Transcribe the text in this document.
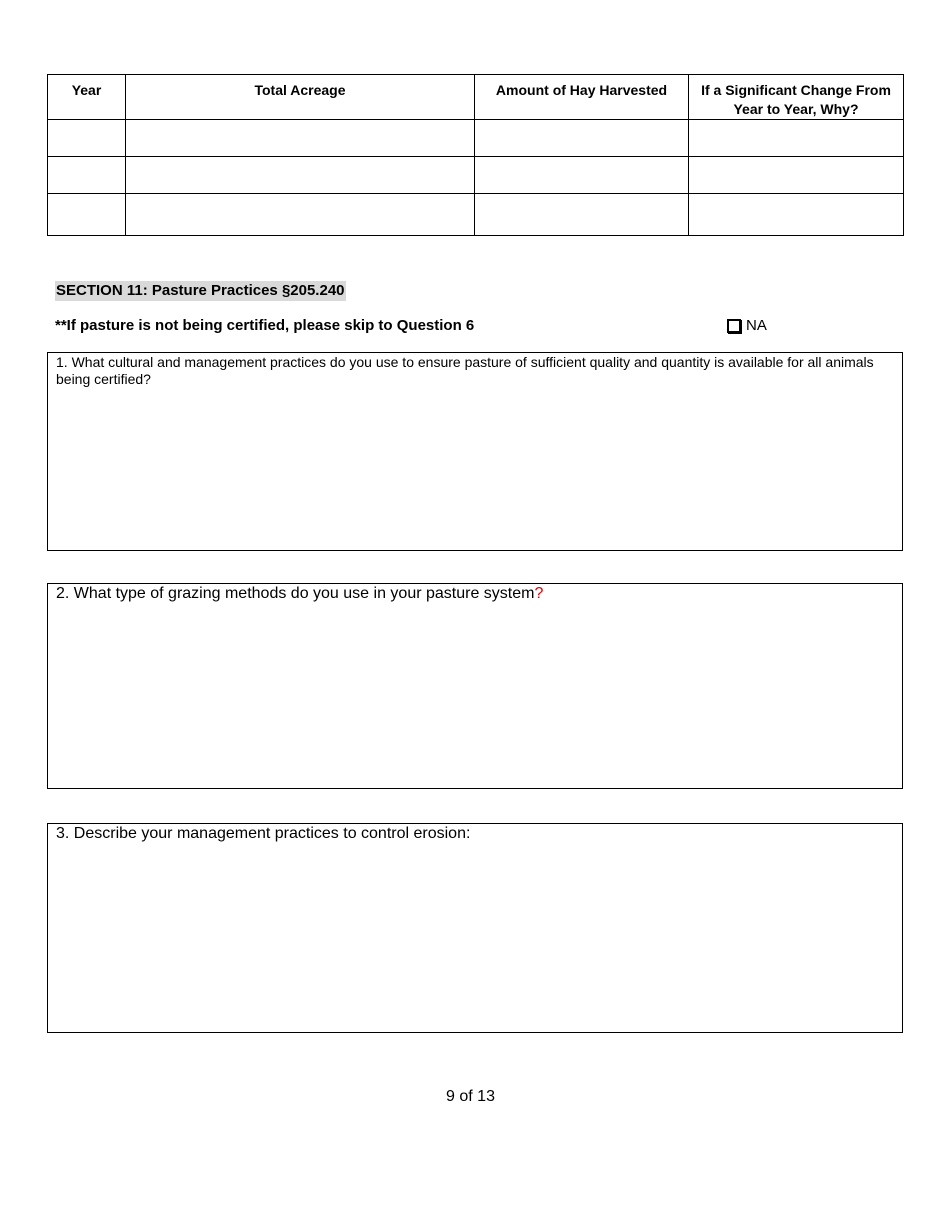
Year	Total Acreage	Amount of Hay Harvested	If a Significant Change From Year to Year, Why?

SECTION 11: Pasture Practices §205.240
**If pasture is not being certified, please skip to Question 6	NA
1. What cultural and management practices do you use to ensure pasture of sufficient quality and quantity is available for all animals being certified?
2. What type of grazing methods do you use in your pasture system?
3. Describe your management practices to control erosion:
9 of 13
